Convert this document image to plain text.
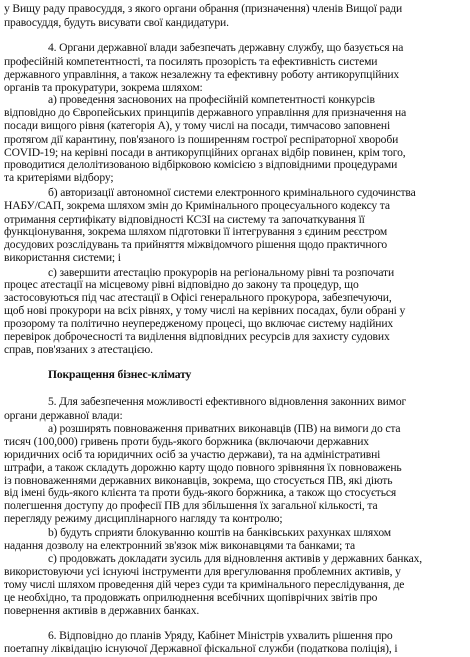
у Вищу раду правосуддя, з якого органи обрання (призначення) членів Вищої ради
правосуддя, будуть висувати свої кандидатури.
4. Органи державної влади забезпечать державну службу, що базується на
професійній компетентності, та посилять прозорість та ефективність системи
державного управління, а також незалежну та ефективну роботу антикорупційних
органів та прокуратури, зокрема шляхом:
а) проведення засновоних на професійній компетентності конкурсів
відповідно до Європейських принципів державного управління для призначення на
посади вищого рівня (категорія А), у тому числі на посади, тимчасово заповнені
протягом дії карантину, пов'язаного із поширенням гострої респіраторної хвороби
COVID-19; на керівні посади в антикорупційних органах відбір повинен, крім того,
проводитися делолітизованою відбірковою комісією з відповідними процедурами
та критеріями відбору;
б) авторизації автономної системи електронного кримінального судочинства
НАБУ/САП, зокрема шляхом змін до Кримінального процесуального кодексу та
отримання сертифікату відповідності КСЗІ на систему та започаткування її
функціонування, зокрема шляхом підготовки її інтегрування з єдиним реєстром
досудових розслідувань та прийняття міжвідомчого рішення щодо практичного
використання системи; і
с) завершити атестацію прокурорів на регіональному рівні та розпочати
процес атестації на місцевому рівні відповідно до закону та процедур, що
застосовуються під час атестації в Офісі генерального прокурора, забезпечуючи,
щоб нові прокурори на всіх рівнях, у тому числі на керівних посадах, були обрані у
прозорому та політично неупередженому процесі, що включає систему надійних
перевірок доброчесності та виділення відповідних ресурсів для захисту судових
справ, пов'язаних з атестацією.
Покращення бізнес-клімату
5. Для забезпечення можливості ефективного відновлення законних вимог
органи державної влади:
а) розширять повноваження приватних виконавців (ПВ) на вимоги до ста
тисяч (100,000) гривень проти будь-якого боржника (включаючи державних
юридичних осіб та юридичних осіб за участю держави), та на адміністративні
штрафи, а також складуть дорожню карту щодо повного зрівняння їх повноважень
із повноваженнями державних виконавців, зокрема, що стосується ПВ, які діють
від імені будь-якого клієнта та проти будь-якого боржника, а також що стосується
полегшення доступу до професії ПВ для збільшення їх загальної кількості, та
перегляду режиму дисциплінарного нагляду та контролю;
b) будуть сприяти блокуванню коштів на банківських рахунках шляхом
надання дозволу на електронний зв'язок між виконавцями та банками; та
c) продовжать докладати зусиль для відновлення активів у державних банках,
використовуючи усі існуючі інструменти для врегулювання проблемних активів, у
тому числі шляхом проведення дій через суди та кримінального переслідування, де
це необхідно, та продовжать оприлюднення всебічних щопіврічних звітів про
повернення активів в державних банках.
6. Відповідно до планів Уряду, Кабінет Міністрів ухвалить рішення про
поетапну ліквідацію існуючої Державної фіскальної служби (податкова поліція), і
